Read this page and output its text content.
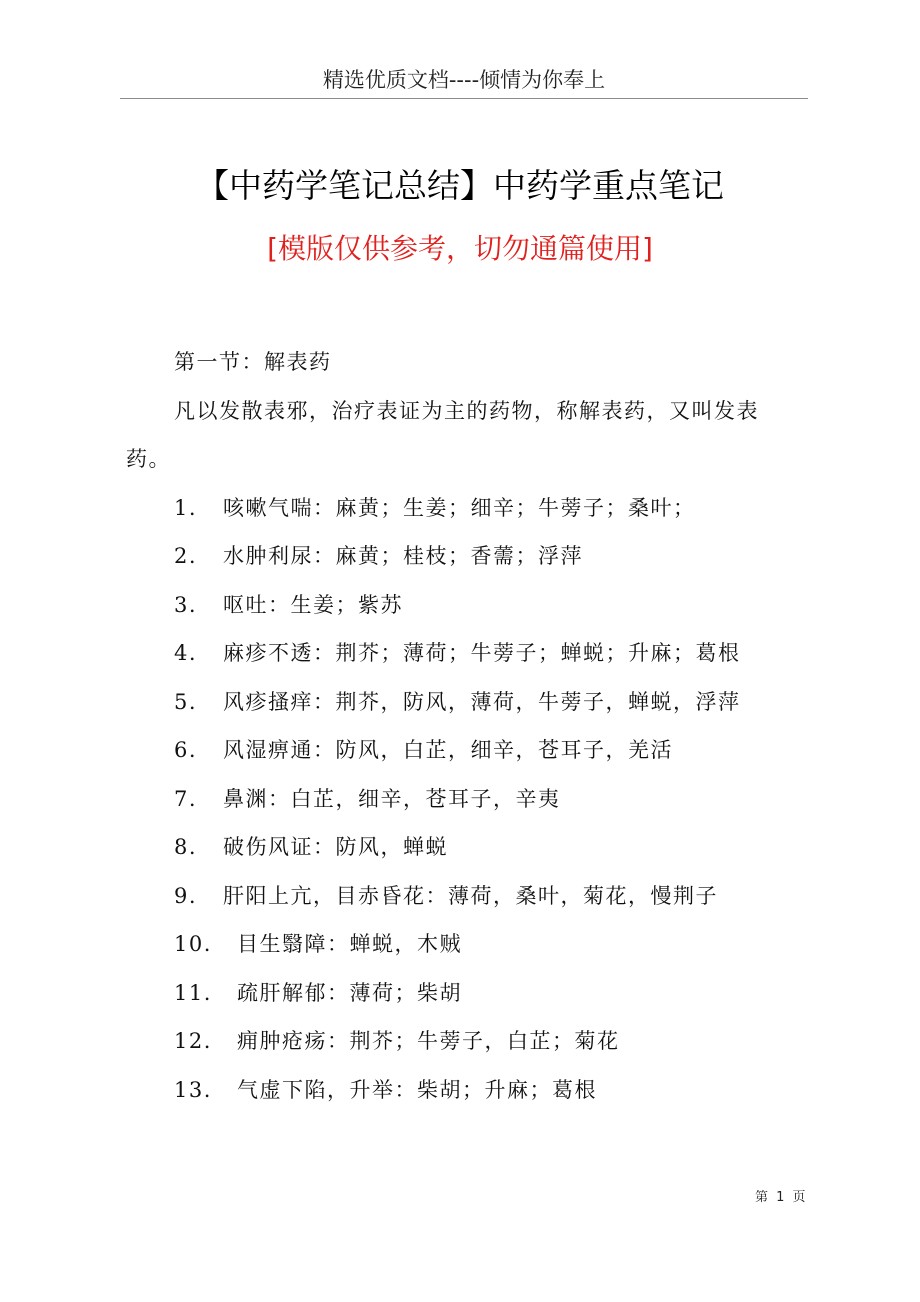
精选优质文档----倾情为你奉上
【中药学笔记总结】中药学重点笔记
[模版仅供参考，切勿通篇使用]

第一节：解表药

凡以发散表邪，治疗表证为主的药物，称解表药，又叫发表药。

1. 咳嗽气喘：麻黄；生姜；细辛；牛蒡子；桑叶；
2. 水肿利尿：麻黄；桂枝；香薷；浮萍
3. 呕吐：生姜；紫苏
4. 麻疹不透：荆芥；薄荷；牛蒡子；蝉蜕；升麻；葛根
5. 风疹搔痒：荆芥，防风，薄荷，牛蒡子，蝉蜕，浮萍
6. 风湿痹通：防风，白芷，细辛，苍耳子，羌活
7. 鼻渊：白芷，细辛，苍耳子，辛夷
8. 破伤风证：防风，蝉蜕
9. 肝阳上亢，目赤昏花：薄荷，桑叶，菊花，慢荆子
10. 目生翳障：蝉蜕，木贼
11. 疏肝解郁：薄荷；柴胡
12. 痈肿疮疡：荆芥；牛蒡子，白芷；菊花
13. 气虚下陷，升举：柴胡；升麻；葛根
第 1 页
